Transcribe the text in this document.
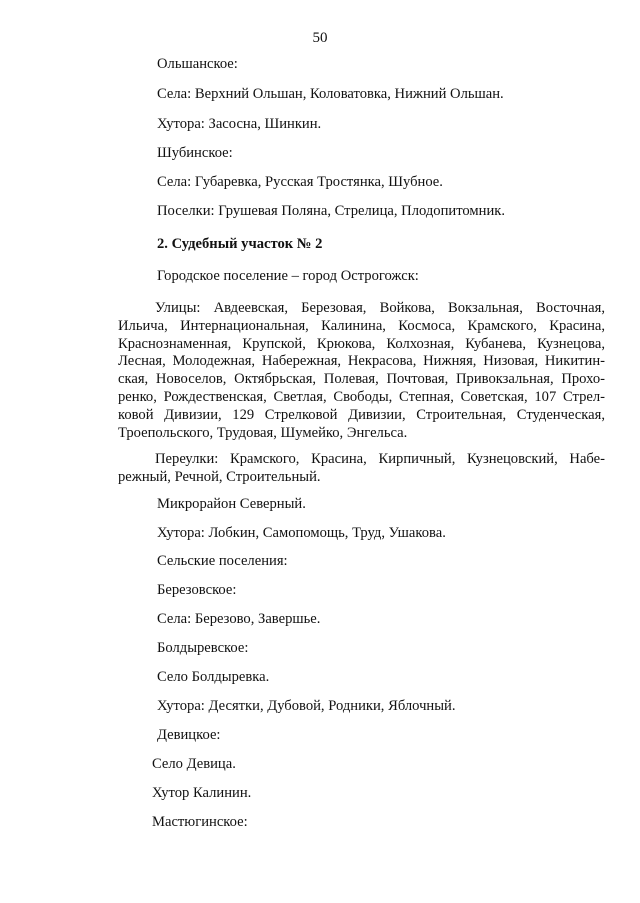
50
Ольшанское:
Села: Верхний Ольшан, Коловатовка, Нижний Ольшан.
Хутора: Засосна, Шинкин.
Шубинское:
Села: Губаревка, Русская Тростянка, Шубное.
Поселки: Грушевая Поляна, Стрелица, Плодопитомник.
2. Судебный участок № 2
Городское поселение – город Острогожск:
Улицы: Авдеевская, Березовая, Войкова, Вокзальная, Восточная,
Ильича, Интернациональная, Калинина, Космоса, Крамского, Красина,
Краснознаменная, Крупской, Крюкова, Колхозная, Кубанева, Кузнецова,
Лесная, Молодежная, Набережная, Некрасова, Нижняя, Низовая, Никитин-
ская, Новоселов, Октябрьская, Полевая, Почтовая, Привокзальная, Прохо-
ренко, Рождественская, Светлая, Свободы, Степная, Советская, 107 Стрел-
ковой Дивизии, 129 Стрелковой Дивизии, Строительная, Студенческая,
Троепольского, Трудовая, Шумейко, Энгельса.
Переулки: Крамского, Красина, Кирпичный, Кузнецовский, Набе-
режный, Речной, Строительный.
Микрорайон Северный.
Хутора: Лобкин, Самопомощь, Труд, Ушакова.
Сельские поселения:
Березовское:
Села: Березово, Завершье.
Болдыревское:
Село Болдыревка.
Хутора: Десятки, Дубовой, Родники, Яблочный.
Девицкое:
Село Девица.
Хутор Калинин.
Мастюгинское:
